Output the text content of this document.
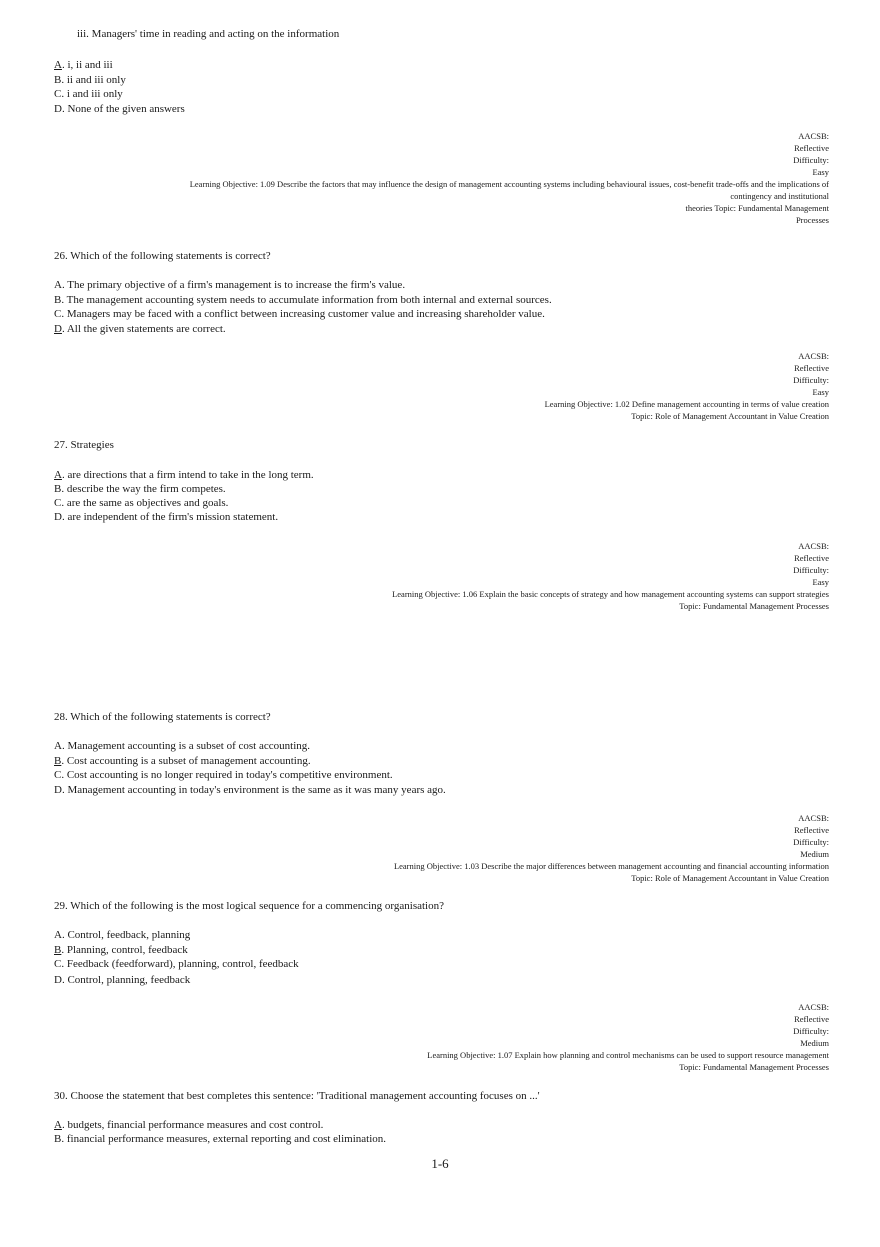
iii. Managers' time in reading and acting on the information
A. i, ii and iii
B. ii and iii only
C. i and iii only
D. None of the given answers
AACSB:
Reflective
Difficulty:
Easy
Learning Objective: 1.09 Describe the factors that may influence the design of management accounting systems including behavioural issues, cost-benefit trade-offs and the implications of
contingency and institutional
theories Topic: Fundamental Management
Processes
26. Which of the following statements is correct?
A. The primary objective of a firm's management is to increase the firm's value.
B. The management accounting system needs to accumulate information from both internal and external sources.
C. Managers may be faced with a conflict between increasing customer value and increasing shareholder value.
D. All the given statements are correct.
AACSB:
Reflective
Difficulty:
Easy
Learning Objective: 1.02 Define management accounting in terms of value creation
Topic: Role of Management Accountant in Value Creation
27. Strategies
A. are directions that a firm intend to take in the long term.
B. describe the way the firm competes.
C. are the same as objectives and goals.
D. are independent of the firm's mission statement.
AACSB:
Reflective
Difficulty:
Easy
Learning Objective: 1.06 Explain the basic concepts of strategy and how management accounting systems can support strategies
Topic: Fundamental Management Processes
28. Which of the following statements is correct?
A. Management accounting is a subset of cost accounting.
B. Cost accounting is a subset of management accounting.
C. Cost accounting is no longer required in today's competitive environment.
D. Management accounting in today's environment is the same as it was many years ago.
AACSB:
Reflective
Difficulty:
Medium
Learning Objective: 1.03 Describe the major differences between management accounting and financial accounting information
Topic: Role of Management Accountant in Value Creation
29. Which of the following is the most logical sequence for a commencing organisation?
A. Control, feedback, planning
B. Planning, control, feedback
C. Feedback (feedforward), planning, control, feedback
D. Control, planning, feedback
AACSB:
Reflective
Difficulty:
Medium
Learning Objective: 1.07 Explain how planning and control mechanisms can be used to support resource management
Topic: Fundamental Management Processes
30. Choose the statement that best completes this sentence: 'Traditional management accounting focuses on ...'
A. budgets, financial performance measures and cost control.
B. financial performance measures, external reporting and cost elimination.
1-6
